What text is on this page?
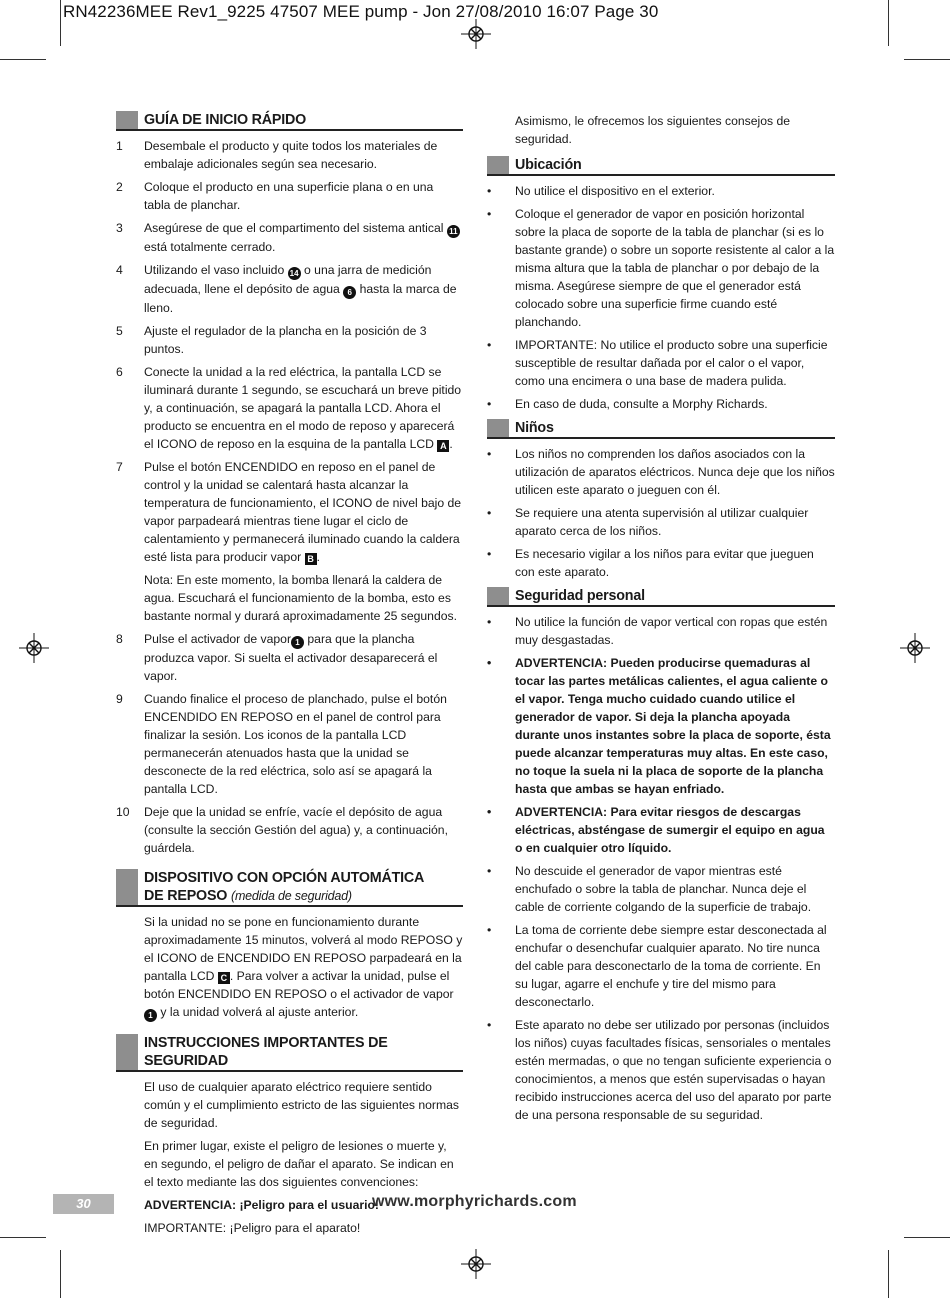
RN42236MEE Rev1_9225 47507 MEE pump - Jon 27/08/2010 16:07 Page 30
GUÍA DE INICIO RÁPIDO
1	Desembale el producto y quite todos los materiales de embalaje adicionales según sea necesario.
2	Coloque el producto en una superficie plana o en una tabla de planchar.
3	Asegúrese de que el compartimento del sistema antical 11 está totalmente cerrado.
4	Utilizando el vaso incluido 14 o una jarra de medición adecuada, llene el depósito de agua 6 hasta la marca de lleno.
5	Ajuste el regulador de la plancha en la posición de 3 puntos.
6	Conecte la unidad a la red eléctrica, la pantalla LCD se iluminará durante 1 segundo, se escuchará un breve pitido y, a continuación, se apagará la pantalla LCD. Ahora el producto se encuentra en el modo de reposo y aparecerá el ICONO de reposo en la esquina de la pantalla LCD A .
7	Pulse el botón ENCENDIDO en reposo en el panel de control y la unidad se calentará hasta alcanzar la temperatura de funcionamiento, el ICONO de nivel bajo de vapor parpadeará mientras tiene lugar el ciclo de calentamiento y permanecerá iluminado cuando la caldera esté lista para producir vapor B .
Nota: En este momento, la bomba llenará la caldera de agua. Escuchará el funcionamiento de la bomba, esto es bastante normal y durará aproximadamente 25 segundos.
8	Pulse el activador de vapor 1 para que la plancha produzca vapor. Si suelta el activador desaparecerá el vapor.
9	Cuando finalice el proceso de planchado, pulse el botón ENCENDIDO EN REPOSO en el panel de control para finalizar la sesión. Los iconos de la pantalla LCD permanecerán atenuados hasta que la unidad se desconecte de la red eléctrica, solo así se apagará la pantalla LCD.
10	Deje que la unidad se enfríe, vacíe el depósito de agua (consulte la sección Gestión del agua) y, a continuación, guárdela.
DISPOSITIVO CON OPCIÓN AUTOMÁTICA
DE REPOSO (medida de seguridad)
Si la unidad no se pone en funcionamiento durante aproximadamente 15 minutos, volverá al modo REPOSO y el ICONO de ENCENDIDO EN REPOSO parpadeará en la pantalla LCD C . Para volver a activar la unidad, pulse el botón ENCENDIDO EN REPOSO o el activador de vapor1 y la unidad volverá al ajuste anterior.
INSTRUCCIONES IMPORTANTES DE SEGURIDAD
El uso de cualquier aparato eléctrico requiere sentido común y el cumplimiento estricto de las siguientes normas de seguridad.
En primer lugar, existe el peligro de lesiones o muerte y, en segundo, el peligro de dañar el aparato. Se indican en el texto mediante las dos siguientes convenciones:
ADVERTENCIA: ¡Peligro para el usuario!
IMPORTANTE: ¡Peligro para el aparato!
Asimismo, le ofrecemos los siguientes consejos de seguridad.
Ubicación
•	No utilice el dispositivo en el exterior.
•	Coloque el generador de vapor en posición horizontal sobre la placa de soporte de la tabla de planchar (si es lo bastante grande) o sobre un soporte resistente al calor a la misma altura que la tabla de planchar o por debajo de la misma. Asegúrese siempre de que el generador está colocado sobre una superficie firme cuando esté planchando.
•	IMPORTANTE: No utilice el producto sobre una superficie susceptible de resultar dañada por el calor o el vapor, como una encimera o una base de madera pulida.
•	En caso de duda, consulte a Morphy Richards.
Niños
•	Los niños no comprenden los daños asociados con la utilización de aparatos eléctricos. Nunca deje que los niños utilicen este aparato o jueguen con él.
•	Se requiere una atenta supervisión al utilizar cualquier aparato cerca de los niños.
•	Es necesario vigilar a los niños para evitar que jueguen con este aparato.
Seguridad personal
•	No utilice la función de vapor vertical con ropas que estén muy desgastadas.
•	ADVERTENCIA: Pueden producirse quemaduras al tocar las partes metálicas calientes, el agua caliente o el vapor. Tenga mucho cuidado cuando utilice el generador de vapor. Si deja la plancha apoyada durante unos instantes sobre la placa de soporte, ésta puede alcanzar temperaturas muy altas. En este caso, no toque la suela ni la placa de soporte de la plancha hasta que ambas se hayan enfriado.
•	ADVERTENCIA: Para evitar riesgos de descargas eléctricas, absténgase de sumergir el equipo en agua o en cualquier otro líquido.
•	No descuide el generador de vapor mientras esté enchufado o sobre la tabla de planchar. Nunca deje el cable de corriente colgando de la superficie de trabajo.
•	La toma de corriente debe siempre estar desconectada al enchufar o desenchufar cualquier aparato. No tire nunca del cable para desconectarlo de la toma de corriente. En su lugar, agarre el enchufe y tire del mismo para desconectarlo.
•	Este aparato no debe ser utilizado por personas (incluidos los niños) cuyas facultades físicas, sensoriales o mentales estén mermadas, o que no tengan suficiente experiencia o conocimientos, a menos que estén supervisadas o hayan recibido instrucciones acerca del uso del aparato por parte de una persona responsable de su seguridad.
30	www.morphyrichards.com
